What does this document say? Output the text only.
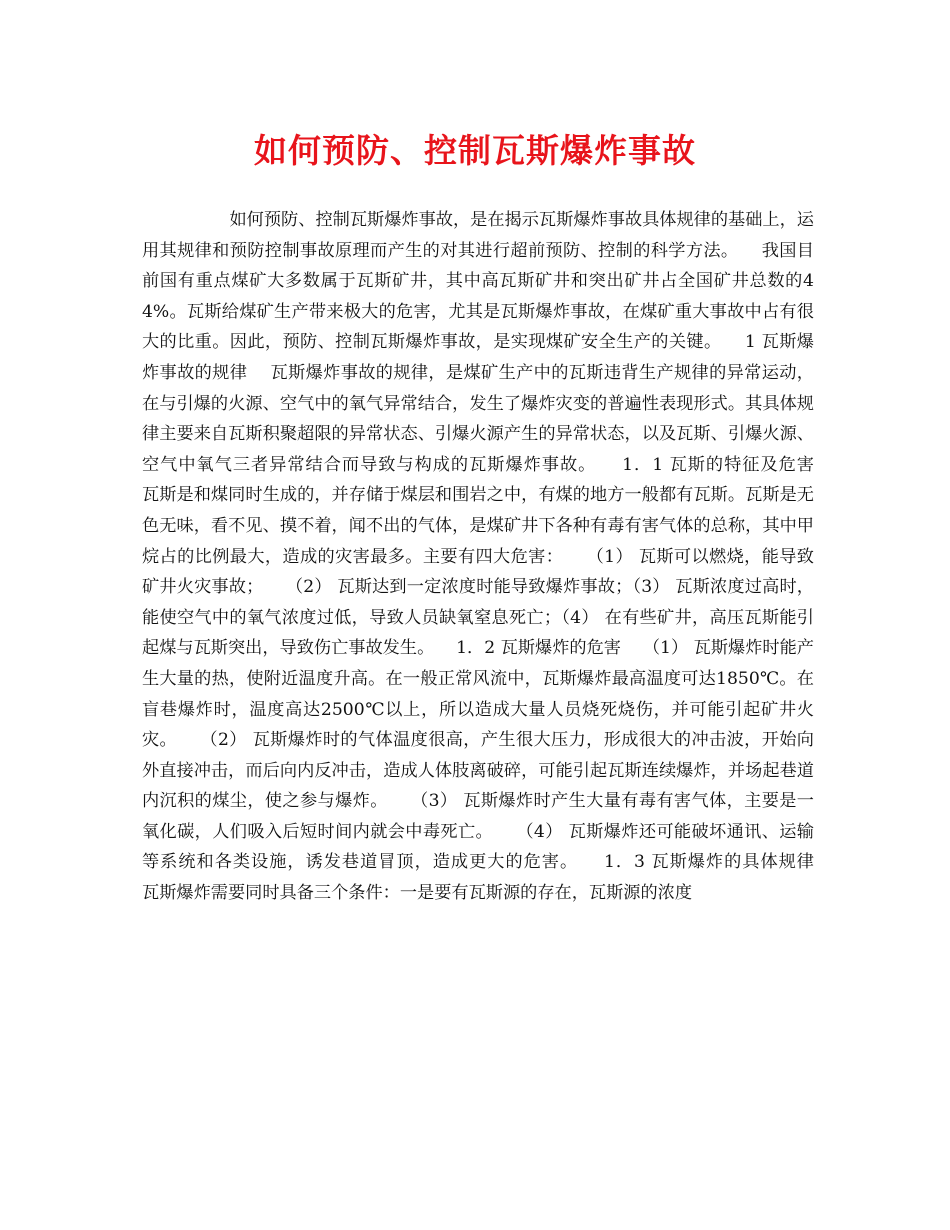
如何预防、控制瓦斯爆炸事故

如何预防、控制瓦斯爆炸事故，是在揭示瓦斯爆炸事故具体规律的基础上，运用其规律和预防控制事故原理而产生的对其进行超前预防、控制的科学方法。    我国目前国有重点煤矿大多数属于瓦斯矿井，其中高瓦斯矿井和突出矿井占全国矿井总数的44%。瓦斯给煤矿生产带来极大的危害，尤其是瓦斯爆炸事故，在煤矿重大事故中占有很大的比重。因此，预防、控制瓦斯爆炸事故，是实现煤矿安全生产的关键。    1 瓦斯爆炸事故的规律    瓦斯爆炸事故的规律，是煤矿生产中的瓦斯违背生产规律的异常运动，在与引爆的火源、空气中的氧气异常结合，发生了爆炸灾变的普遍性表现形式。其具体规律主要来自瓦斯积聚超限的异常状态、引爆火源产生的异常状态，以及瓦斯、引爆火源、空气中氧气三者异常结合而导致与构成的瓦斯爆炸事故。    1．1 瓦斯的特征及危害    瓦斯是和煤同时生成的，并存储于煤层和围岩之中，有煤的地方一般都有瓦斯。瓦斯是无色无味，看不见、摸不着，闻不出的气体，是煤矿井下各种有毒有害气体的总称，其中甲烷占的比例最大，造成的灾害最多。主要有四大危害：    （1） 瓦斯可以燃烧，能导致矿井火灾事故；    （2） 瓦斯达到一定浓度时能导致爆炸事故；（3） 瓦斯浓度过高时，能使空气中的氧气浓度过低，导致人员缺氧窒息死亡；（4） 在有些矿井，高压瓦斯能引起煤与瓦斯突出，导致伤亡事故发生。    1．2 瓦斯爆炸的危害    （1） 瓦斯爆炸时能产生大量的热，使附近温度升高。在一般正常风流中，瓦斯爆炸最高温度可达1850℃。在盲巷爆炸时，温度高达2500℃以上，所以造成大量人员烧死烧伤，并可能引起矿井火灾。    （2） 瓦斯爆炸时的气体温度很高，产生很大压力，形成很大的冲击波，开始向外直接冲击，而后向内反冲击，造成人体肢离破碎，可能引起瓦斯连续爆炸，并场起巷道内沉积的煤尘，使之参与爆炸。    （3） 瓦斯爆炸时产生大量有毒有害气体，主要是一氧化碳，人们吸入后短时间内就会中毒死亡。    （4） 瓦斯爆炸还可能破坏通讯、运输等系统和各类设施，诱发巷道冒顶，造成更大的危害。    1．3 瓦斯爆炸的具体规律    瓦斯爆炸需要同时具备三个条件：一是要有瓦斯源的存在，瓦斯源的浓度
